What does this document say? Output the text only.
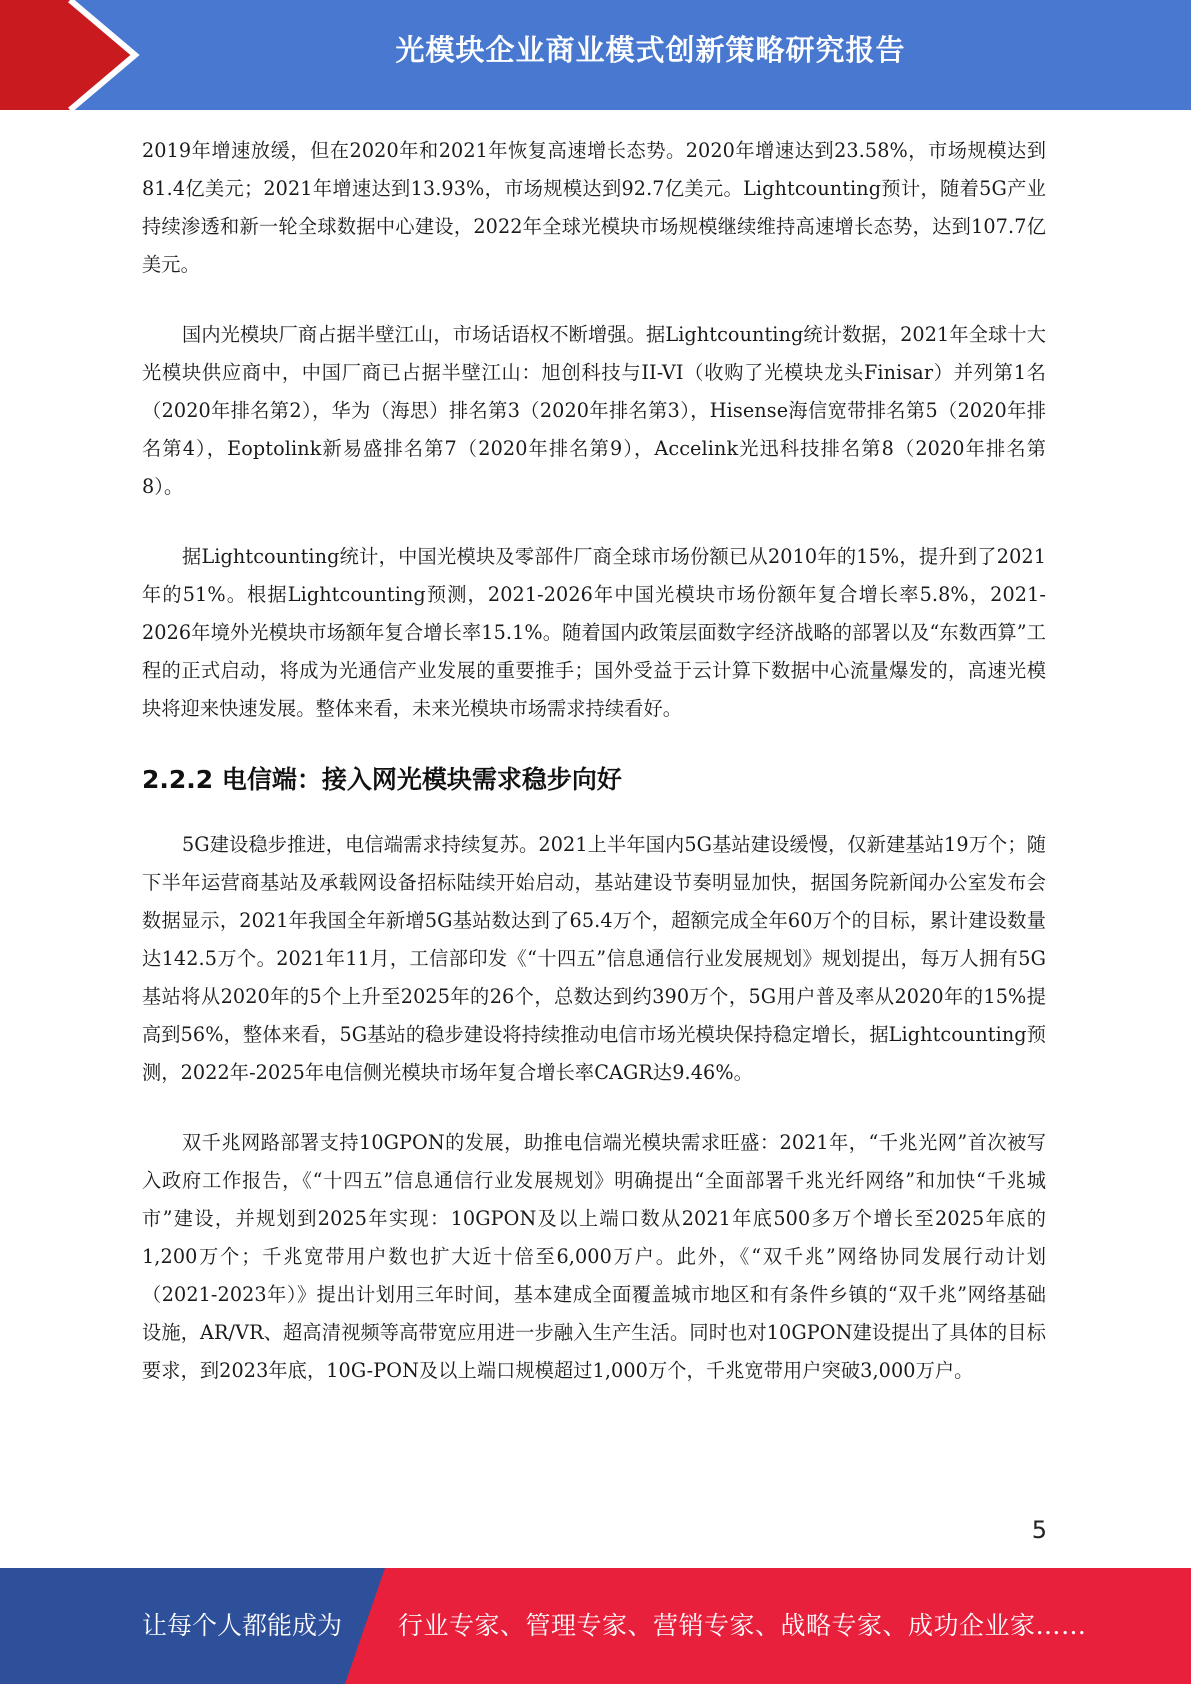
光模块企业商业模式创新策略研究报告

2019年增速放缓，但在2020年和2021年恢复高速增长态势。2020年增速达到23.58%，市场规模达到81.4亿美元；2021年增速达到13.93%，市场规模达到92.7亿美元。Lightcounting预计，随着5G产业持续渗透和新一轮全球数据中心建设，2022年全球光模块市场规模继续维持高速增长态势，达到107.7亿美元。

国内光模块厂商占据半壁江山，市场话语权不断增强。据Lightcounting统计数据，2021年全球十大光模块供应商中，中国厂商已占据半壁江山：旭创科技与II-VI（收购了光模块龙头Finisar）并列第1名（2020年排名第2），华为（海思）排名第3（2020年排名第3），Hisense海信宽带排名第5（2020年排名第4），Eoptolink新易盛排名第7（2020年排名第9），Accelink光迅科技排名第8（2020年排名第8）。

据Lightcounting统计，中国光模块及零部件厂商全球市场份额已从2010年的15%，提升到了2021年的51%。根据Lightcounting预测，2021-2026年中国光模块市场份额年复合增长率5.8%，2021-2026年境外光模块市场额年复合增长率15.1%。随着国内政策层面数字经济战略的部署以及“东数西算”工程的正式启动，将成为光通信产业发展的重要推手；国外受益于云计算下数据中心流量爆发的，高速光模块将迎来快速发展。整体来看，未来光模块市场需求持续看好。

2.2.2 电信端：接入网光模块需求稳步向好

5G建设稳步推进，电信端需求持续复苏。2021上半年国内5G基站建设缓慢，仅新建基站19万个；随下半年运营商基站及承载网设备招标陆续开始启动，基站建设节奏明显加快，据国务院新闻办公室发布会数据显示，2021年我国全年新增5G基站数达到了65.4万个，超额完成全年60万个的目标，累计建设数量达142.5万个。2021年11月，工信部印发《“十四五”信息通信行业发展规划》规划提出，每万人拥有5G基站将从2020年的5个上升至2025年的26个，总数达到约390万个，5G用户普及率从2020年的15%提高到56%，整体来看，5G基站的稳步建设将持续推动电信市场光模块保持稳定增长，据Lightcounting预测，2022年-2025年电信侧光模块市场年复合增长率CAGR达9.46%。

双千兆网路部署支持10GPON的发展，助推电信端光模块需求旺盛：2021年，“千兆光网”首次被写入政府工作报告，《“十四五”信息通信行业发展规划》明确提出“全面部署千兆光纤网络”和加快“千兆城市”建设，并规划到2025年实现：10GPON及以上端口数从2021年底500多万个增长至2025年底的1,200万个；千兆宽带用户数也扩大近十倍至6,000万户。此外，《“双千兆”网络协同发展行动计划（2021-2023年）》提出计划用三年时间，基本建成全面覆盖城市地区和有条件乡镇的“双千兆”网络基础设施，AR/VR、超高清视频等高带宽应用进一步融入生产生活。同时也对10GPON建设提出了具体的目标要求，到2023年底，10G-PON及以上端口规模超过1,000万个，千兆宽带用户突破3,000万户。

5
让每个人都能成为 行业专家、管理专家、营销专家、战略专家、成功企业家……
